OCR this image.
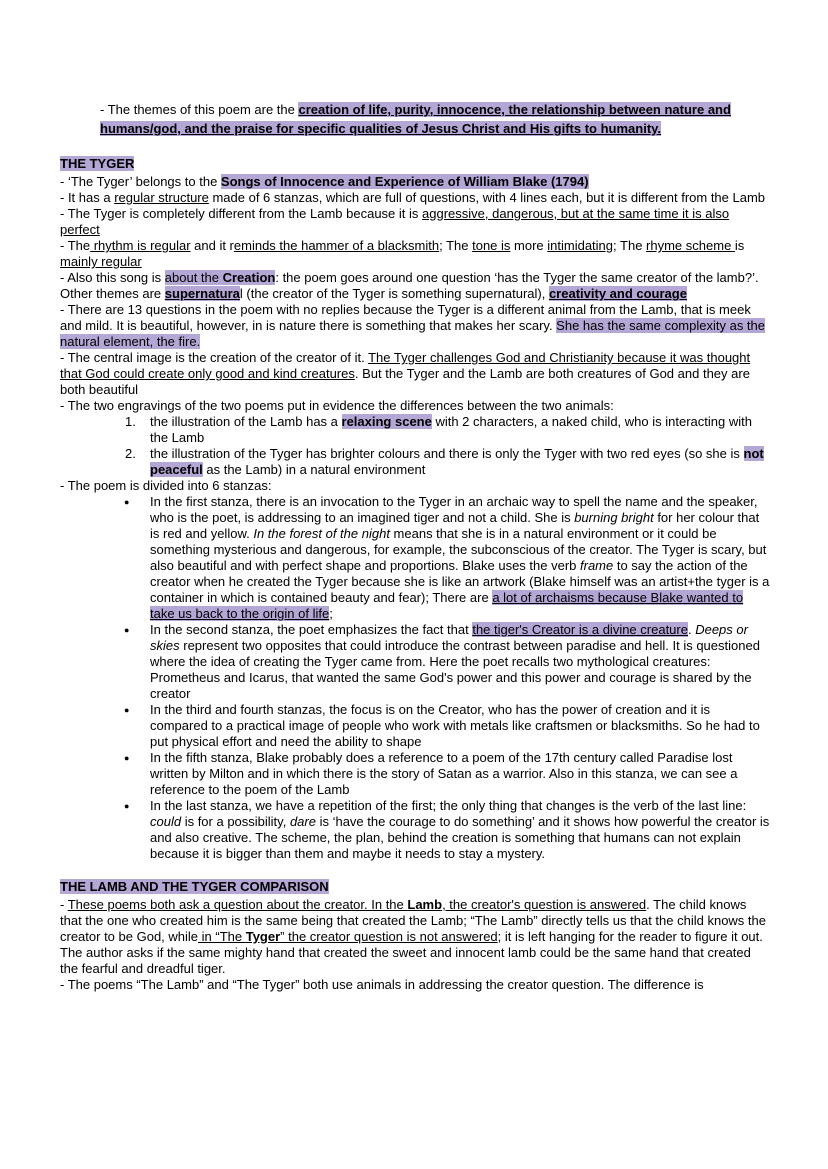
- The themes of this poem are the creation of life, purity, innocence, the relationship between nature and humans/god, and the praise for specific qualities of Jesus Christ and His gifts to humanity.

THE TYGER

- ‘The Tyger’ belongs to the Songs of Innocence and Experience of William Blake (1794)

- It has a regular structure made of 6 stanzas, which are full of questions, with 4 lines each, but it is different from the Lamb

- The Tyger is completely different from the Lamb because it is aggressive, dangerous, but at the same time it is also perfect

- The rhythm is regular and it reminds the hammer of a blacksmith; The tone is more intimidating; The rhyme scheme is mainly regular

- Also this song is about the Creation: the poem goes around one question ‘has the Tyger the same creator of the lamb?’. Other themes are supernatural (the creator of the Tyger is something supernatural), creativity and courage

- There are 13 questions in the poem with no replies because the Tyger is a different animal from the Lamb, that is meek and mild. It is beautiful, however, in is nature there is something that makes her scary. She has the same complexity as the natural element, the fire.

- The central image is the creation of the creator of it. The Tyger challenges God and Christianity because it was thought that God could create only good and kind creatures. But the Tyger and the Lamb are both creatures of God and they are both beautiful

- The two engravings of the two poems put in evidence the differences between the two animals:

1. the illustration of the Lamb has a relaxing scene with 2 characters, a naked child, who is interacting with the Lamb
2. the illustration of the Tyger has brighter colours and there is only the Tyger with two red eyes (so she is not peaceful as the Lamb) in a natural environment

- The poem is divided into 6 stanzas:

● In the first stanza, there is an invocation to the Tyger in an archaic way to spell the name and the speaker, who is the poet, is addressing to an imagined tiger and not a child. She is burning bright for her colour that is red and yellow. In the forest of the night means that she is in a natural environment or it could be something mysterious and dangerous, for example, the subconscious of the creator. The Tyger is scary, but also beautiful and with perfect shape and proportions. Blake uses the verb frame to say the action of the creator when he created the Tyger because she is like an artwork (Blake himself was an artist+the tyger is a container in which is contained beauty and fear); There are a lot of archaisms because Blake wanted to take us back to the origin of life;
● In the second stanza, the poet emphasizes the fact that the tiger's Creator is a divine creature. Deeps or skies represent two opposites that could introduce the contrast between paradise and hell. It is questioned where the idea of creating the Tyger came from. Here the poet recalls two mythological creatures: Prometheus and Icarus, that wanted the same God's power and this power and courage is shared by the creator
● In the third and fourth stanzas, the focus is on the Creator, who has the power of creation and it is compared to a practical image of people who work with metals like craftsmen or blacksmiths. So he had to put physical effort and need the ability to shape
● In the fifth stanza, Blake probably does a reference to a poem of the 17th century called Paradise lost written by Milton and in which there is the story of Satan as a warrior. Also in this stanza, we can see a reference to the poem of the Lamb
● In the last stanza, we have a repetition of the first; the only thing that changes is the verb of the last line: could is for a possibility, dare is ‘have the courage to do something’ and it shows how powerful the creator is and also creative. The scheme, the plan, behind the creation is something that humans can not explain because it is bigger than them and maybe it needs to stay a mystery.
THE LAMB AND THE TYGER COMPARISON

- These poems both ask a question about the creator. In the Lamb, the creator's question is answered. The child knows that the one who created him is the same being that created the Lamb; “The Lamb” directly tells us that the child knows the creator to be God, while in “The Tyger” the creator question is not answered; it is left hanging for the reader to figure it out. The author asks if the same mighty hand that created the sweet and innocent lamb could be the same hand that created the fearful and dreadful tiger.

- The poems “The Lamb” and “The Tyger” both use animals in addressing the creator question. The difference is
